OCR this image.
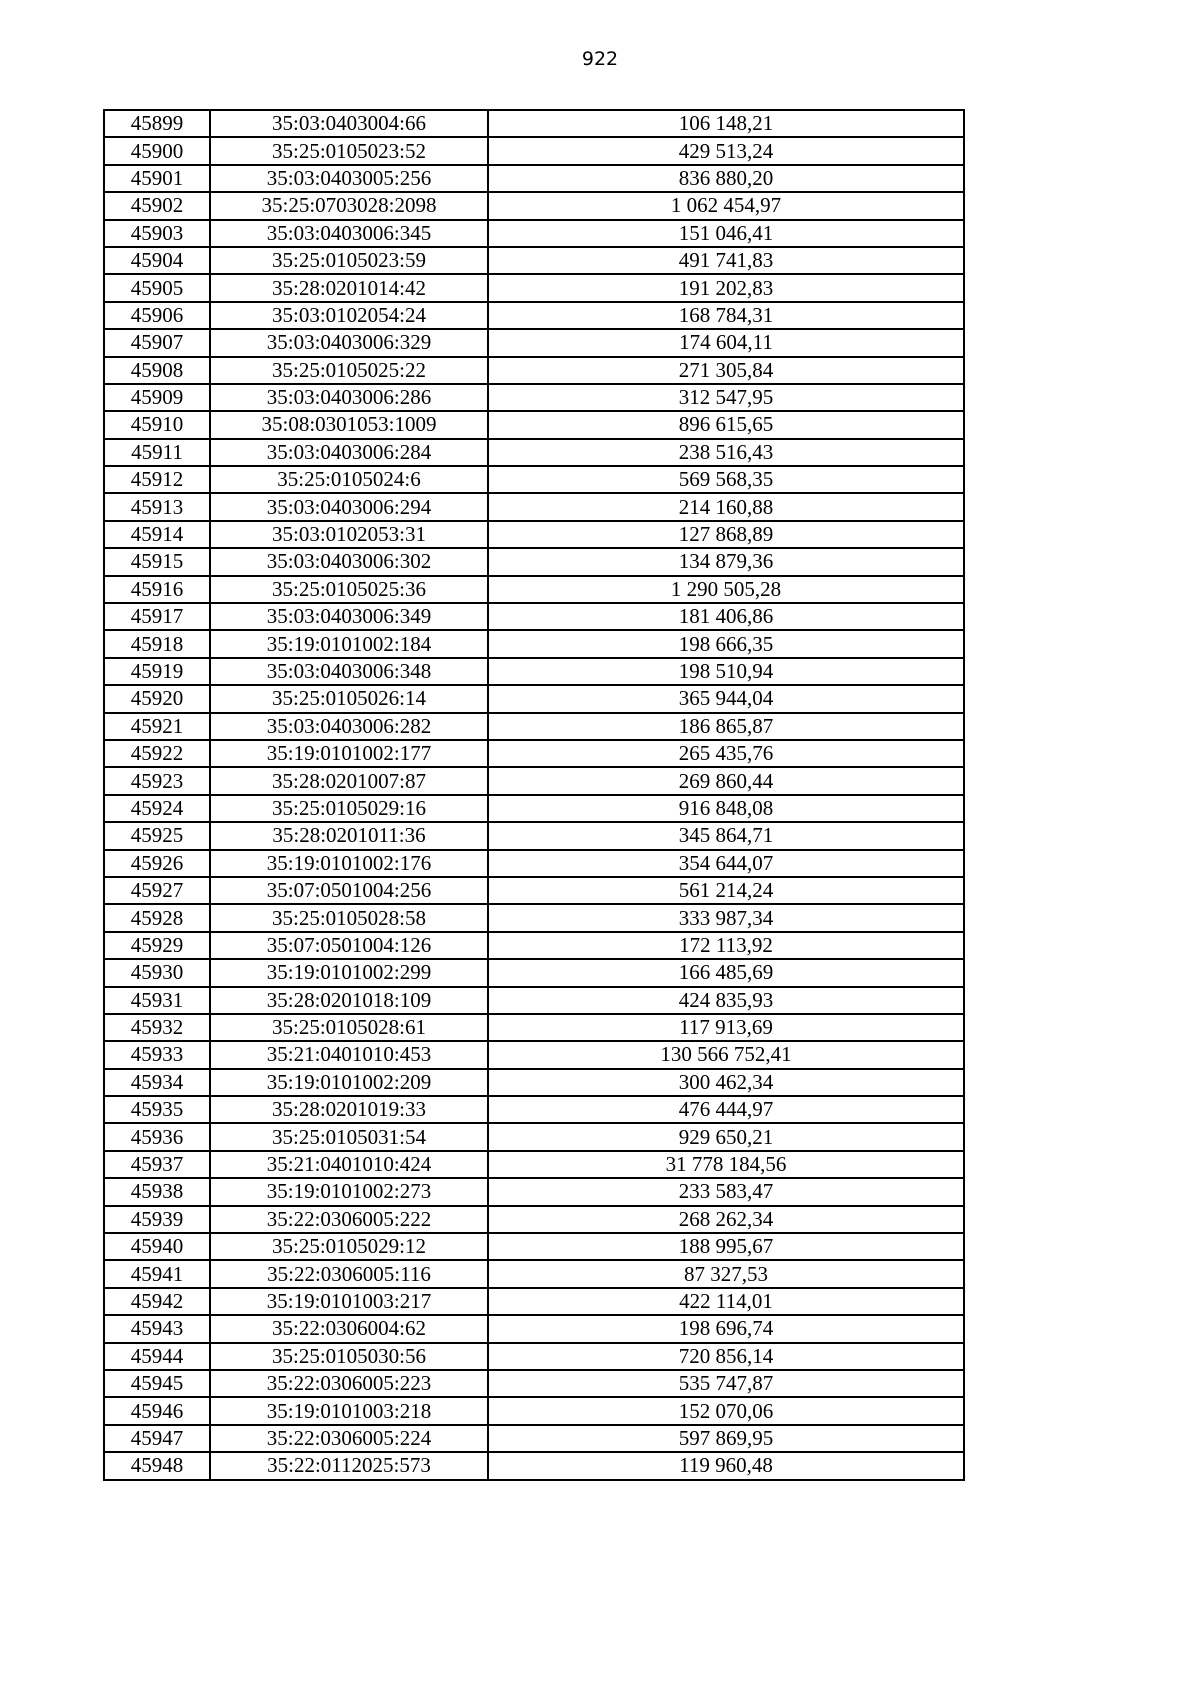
922
45899	35:03:0403004:66	106 148,21
45900	35:25:0105023:52	429 513,24
45901	35:03:0403005:256	836 880,20
45902	35:25:0703028:2098	1 062 454,97
45903	35:03:0403006:345	151 046,41
45904	35:25:0105023:59	491 741,83
45905	35:28:0201014:42	191 202,83
45906	35:03:0102054:24	168 784,31
45907	35:03:0403006:329	174 604,11
45908	35:25:0105025:22	271 305,84
45909	35:03:0403006:286	312 547,95
45910	35:08:0301053:1009	896 615,65
45911	35:03:0403006:284	238 516,43
45912	35:25:0105024:6	569 568,35
45913	35:03:0403006:294	214 160,88
45914	35:03:0102053:31	127 868,89
45915	35:03:0403006:302	134 879,36
45916	35:25:0105025:36	1 290 505,28
45917	35:03:0403006:349	181 406,86
45918	35:19:0101002:184	198 666,35
45919	35:03:0403006:348	198 510,94
45920	35:25:0105026:14	365 944,04
45921	35:03:0403006:282	186 865,87
45922	35:19:0101002:177	265 435,76
45923	35:28:0201007:87	269 860,44
45924	35:25:0105029:16	916 848,08
45925	35:28:0201011:36	345 864,71
45926	35:19:0101002:176	354 644,07
45927	35:07:0501004:256	561 214,24
45928	35:25:0105028:58	333 987,34
45929	35:07:0501004:126	172 113,92
45930	35:19:0101002:299	166 485,69
45931	35:28:0201018:109	424 835,93
45932	35:25:0105028:61	117 913,69
45933	35:21:0401010:453	130 566 752,41
45934	35:19:0101002:209	300 462,34
45935	35:28:0201019:33	476 444,97
45936	35:25:0105031:54	929 650,21
45937	35:21:0401010:424	31 778 184,56
45938	35:19:0101002:273	233 583,47
45939	35:22:0306005:222	268 262,34
45940	35:25:0105029:12	188 995,67
45941	35:22:0306005:116	87 327,53
45942	35:19:0101003:217	422 114,01
45943	35:22:0306004:62	198 696,74
45944	35:25:0105030:56	720 856,14
45945	35:22:0306005:223	535 747,87
45946	35:19:0101003:218	152 070,06
45947	35:22:0306005:224	597 869,95
45948	35:22:0112025:573	119 960,48
